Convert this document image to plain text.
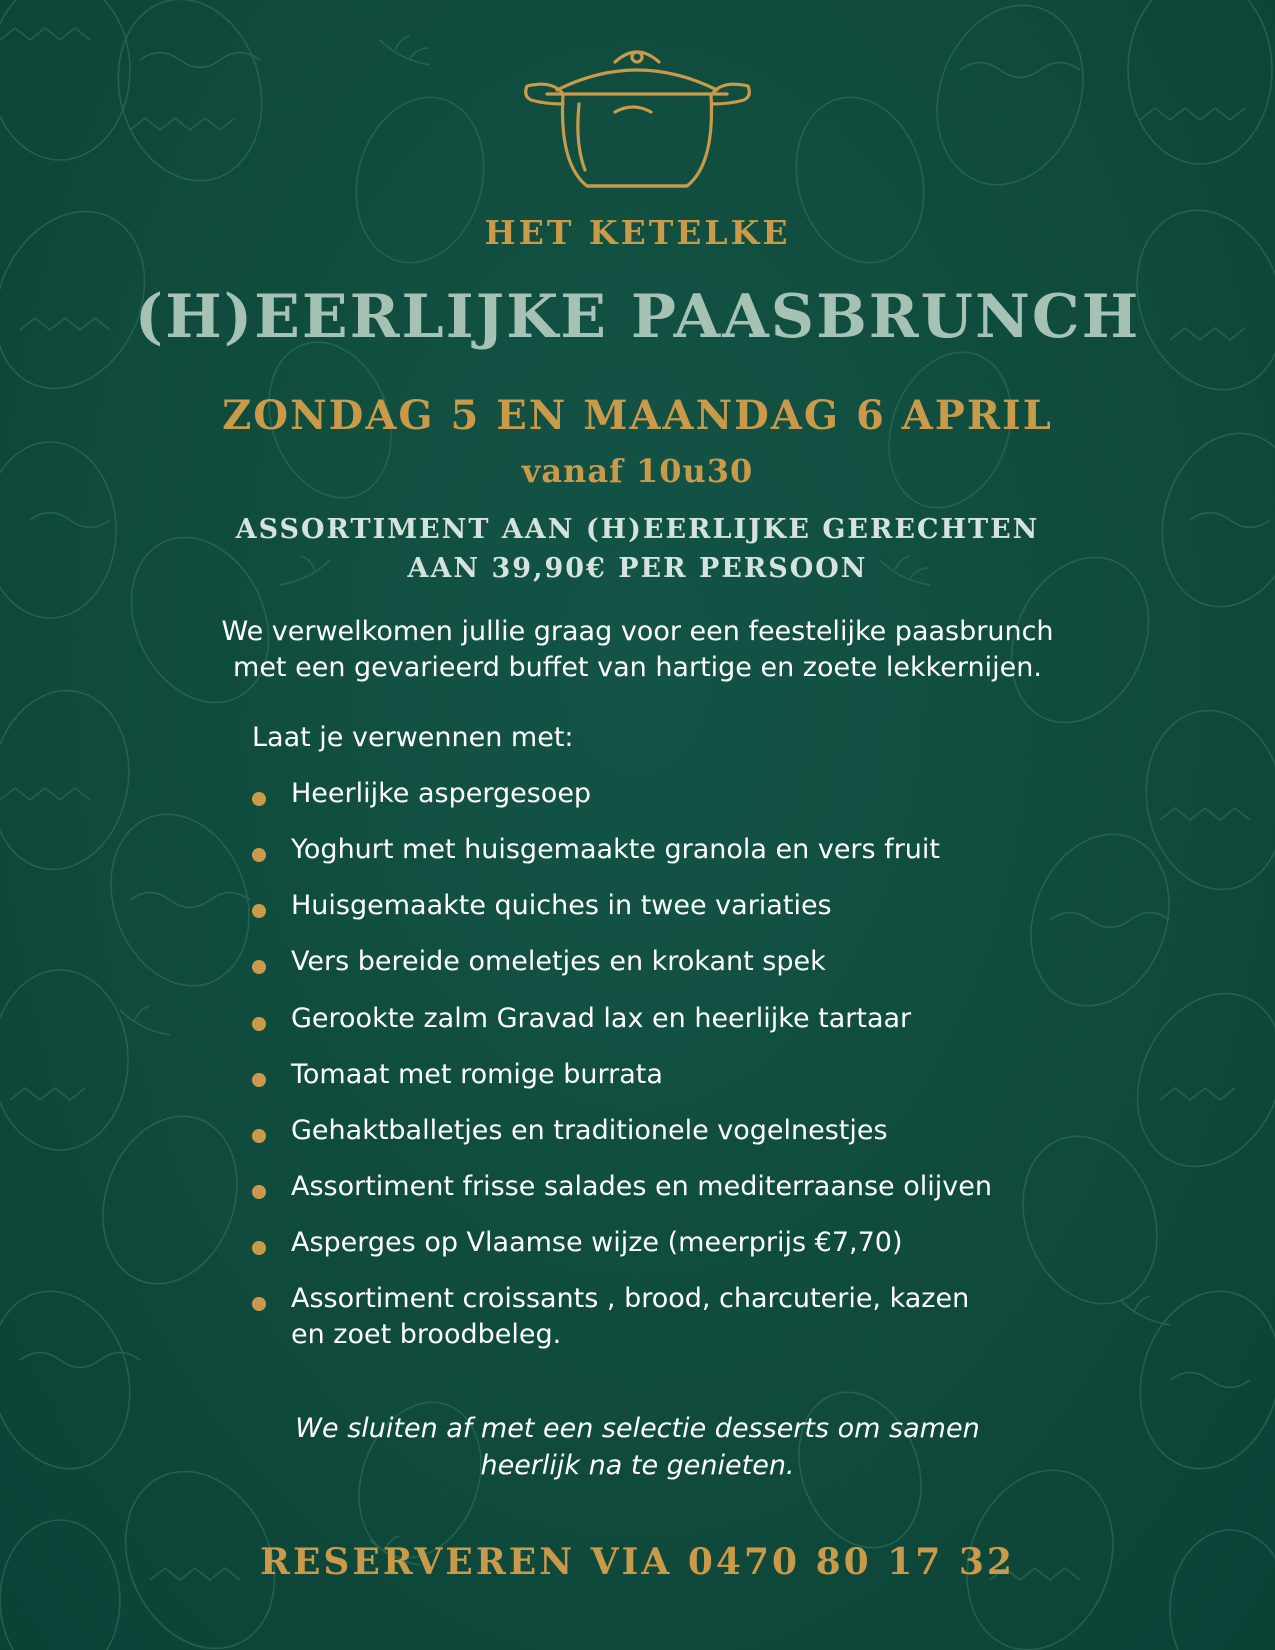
HET KETELKE
(H)EERLIJKE PAASBRUNCH
ZONDAG 5 EN MAANDAG 6 APRIL
vanaf 10u30
ASSORTIMENT AAN (H)EERLIJKE GERECHTEN
AAN 39,90€ PER PERSOON
We verwelkomen jullie graag voor een feestelijke paasbrunch
met een gevarieerd buffet van hartige en zoete lekkernijen.
Laat je verwennen met:
Heerlijke aspergesoep
Yoghurt met huisgemaakte granola en vers fruit
Huisgemaakte quiches in twee variaties
Vers bereide omeletjes en krokant spek
Gerookte zalm Gravad lax en heerlijke tartaar
Tomaat met romige burrata
Gehaktballetjes en traditionele vogelnestjes
Assortiment frisse salades en mediterraanse olijven
Asperges op Vlaamse wijze (meerprijs €7,70)
Assortiment croissants , brood, charcuterie, kazen
en zoet broodbeleg.
We sluiten af met een selectie desserts om samen
heerlijk na te genieten.
RESERVEREN VIA 0470 80 17 32
